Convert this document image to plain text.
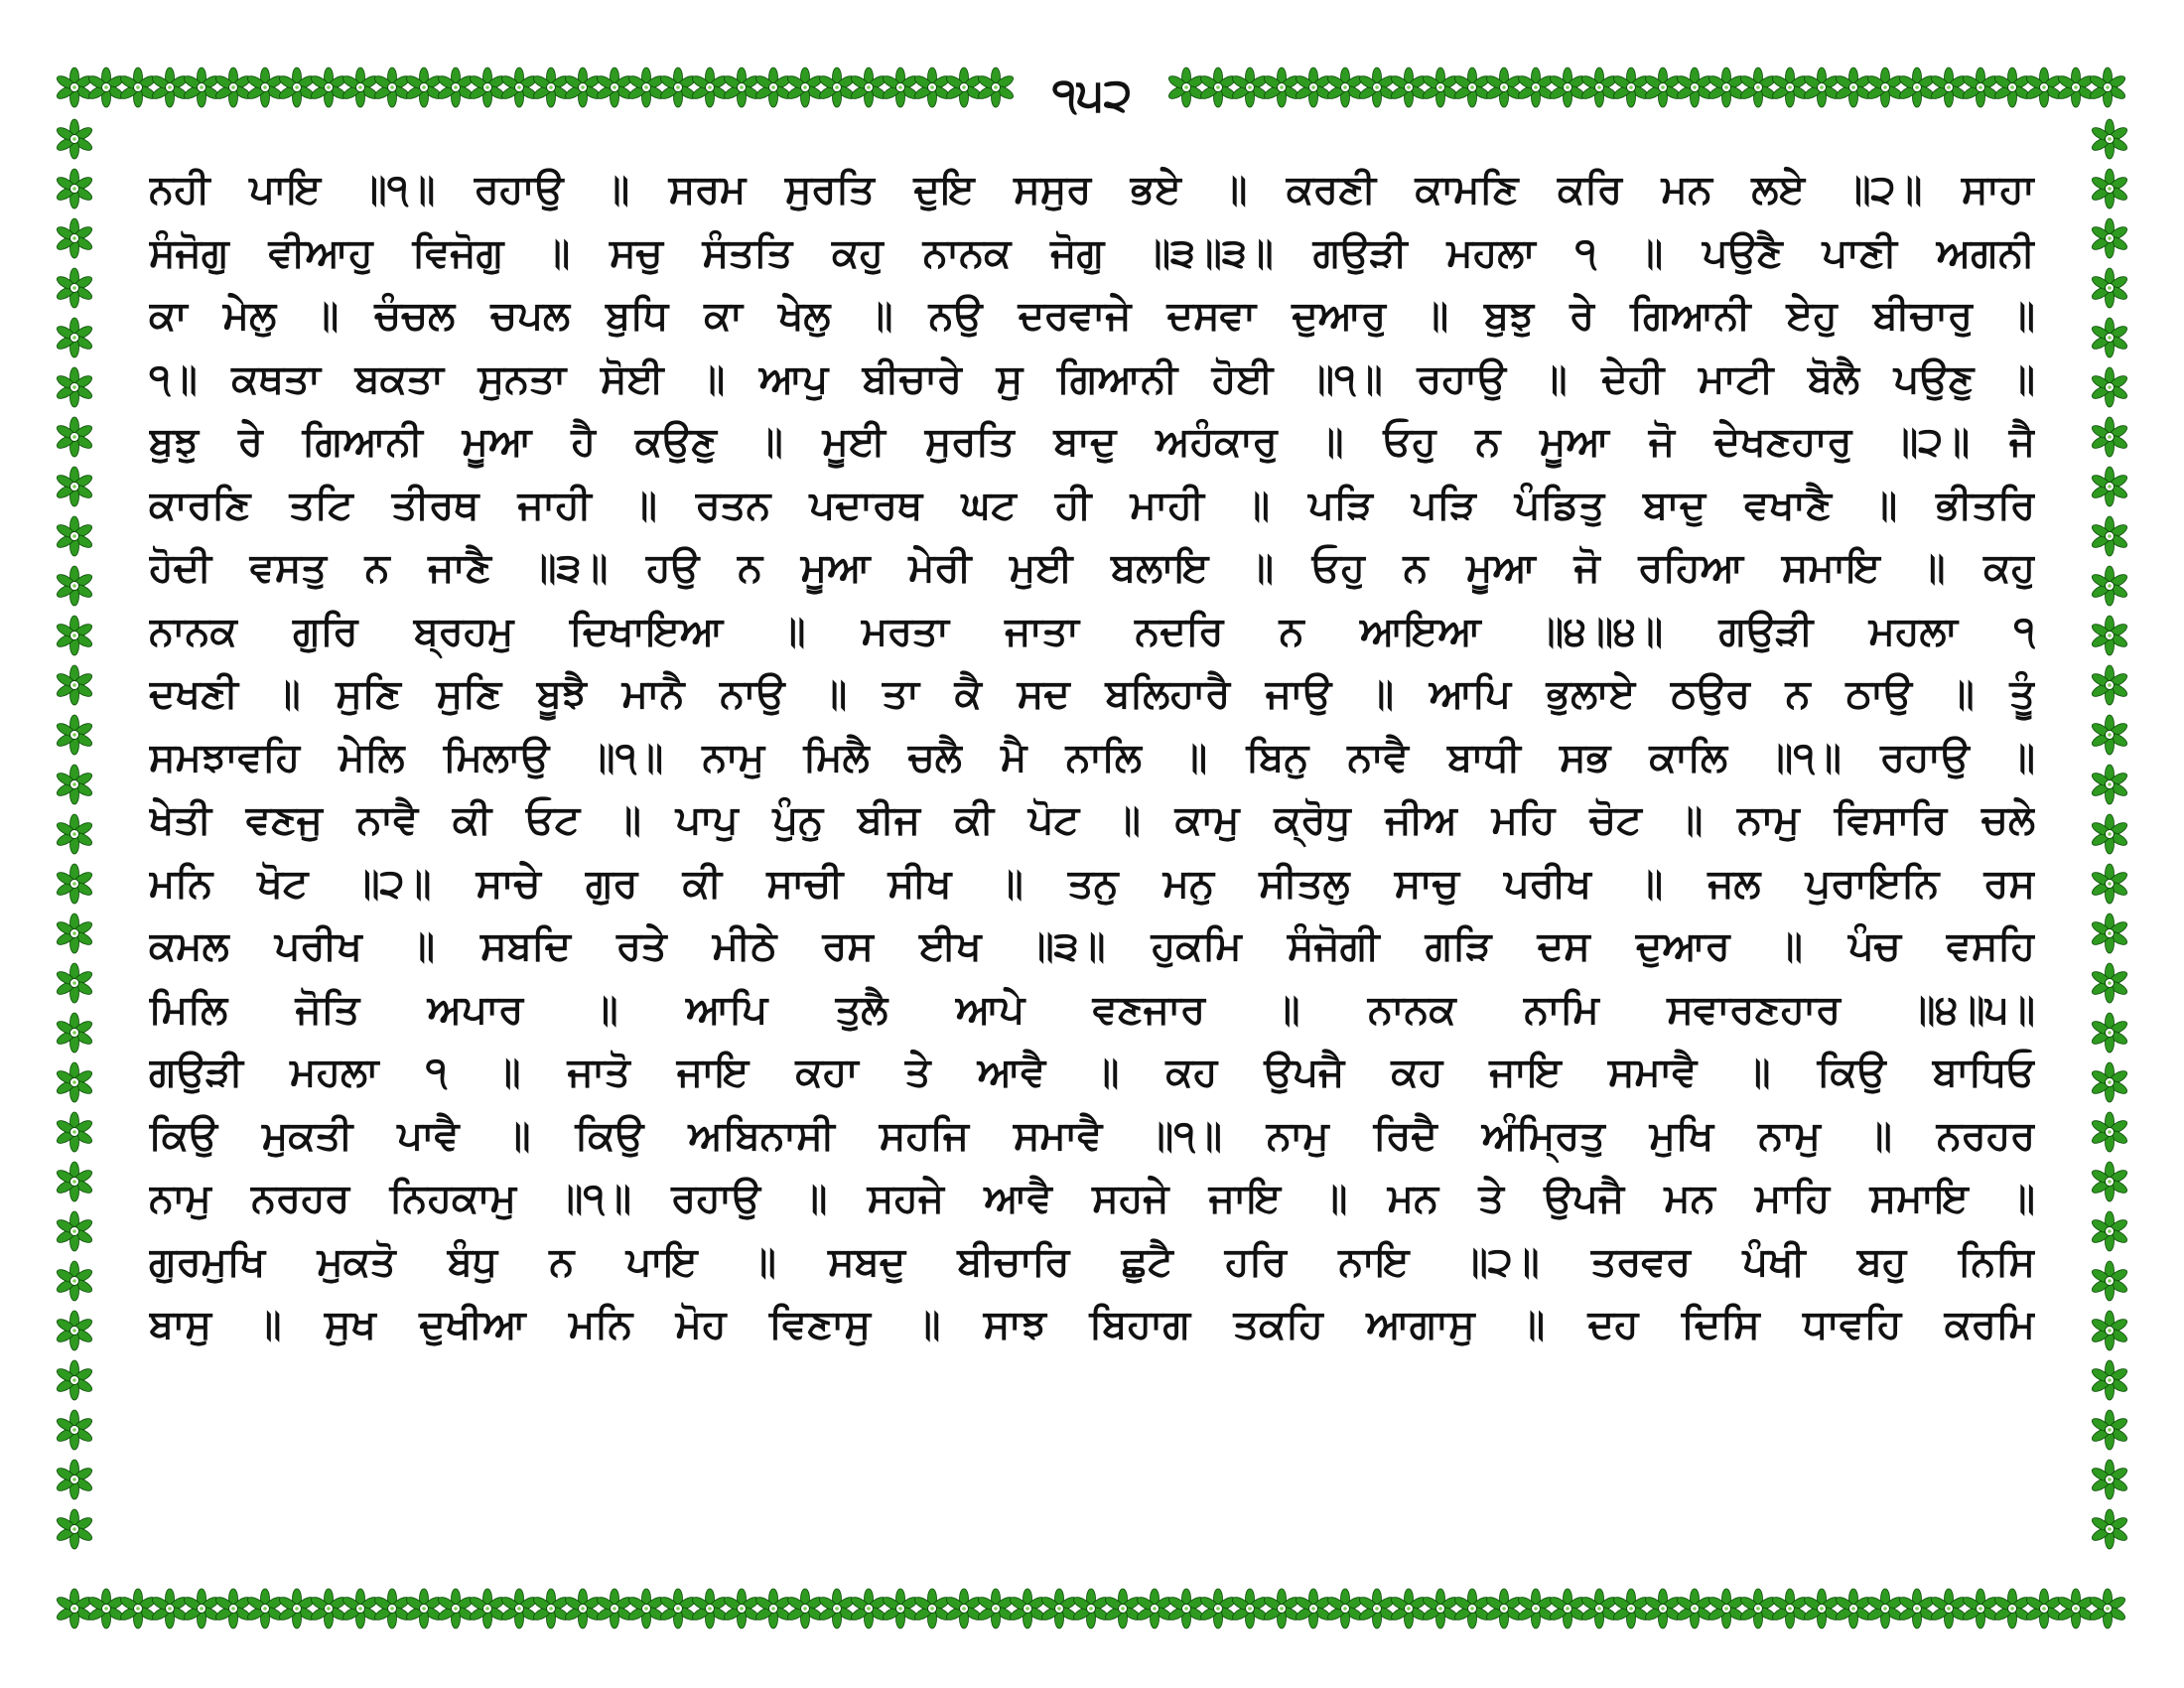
੧੫੨
ਨਹੀ ਪਾਇ ॥੧॥ ਰਹਾਉ ॥ ਸਰਮ ਸੁਰਤਿ ਦੁਇ ਸਸੁਰ ਭਏ ॥ ਕਰਣੀ ਕਾਮਣਿ ਕਰਿ ਮਨ ਲਏ ॥੨॥ ਸਾਹਾ
ਸੰਜੋਗੁ ਵੀਆਹੁ ਵਿਜੋਗੁ ॥ ਸਚੁ ਸੰਤਤਿ ਕਹੁ ਨਾਨਕ ਜੋਗੁ ॥੩॥੩॥ ਗਉੜੀ ਮਹਲਾ ੧ ॥ ਪਉਣੈ ਪਾਣੀ ਅਗਨੀ
ਕਾ ਮੇਲੁ ॥ ਚੰਚਲ ਚਪਲ ਬੁਧਿ ਕਾ ਖੇਲੁ ॥ ਨਉ ਦਰਵਾਜੇ ਦਸਵਾ ਦੁਆਰੁ ॥ ਬੁਝੁ ਰੇ ਗਿਆਨੀ ਏਹੁ ਬੀਚਾਰੁ ॥
੧॥ ਕਥਤਾ ਬਕਤਾ ਸੁਨਤਾ ਸੋਈ ॥ ਆਪੁ ਬੀਚਾਰੇ ਸੁ ਗਿਆਨੀ ਹੋਈ ॥੧॥ ਰਹਾਉ ॥ ਦੇਹੀ ਮਾਟੀ ਬੋਲੈ ਪਉਣੁ ॥
ਬੁਝੁ ਰੇ ਗਿਆਨੀ ਮੂਆ ਹੈ ਕਉਣੁ ॥ ਮੂਈ ਸੁਰਤਿ ਬਾਦੁ ਅਹੰਕਾਰੁ ॥ ਓਹੁ ਨ ਮੂਆ ਜੋ ਦੇਖਣਹਾਰੁ ॥੨॥ ਜੈ
ਕਾਰਣਿ ਤਟਿ ਤੀਰਥ ਜਾਹੀ ॥ ਰਤਨ ਪਦਾਰਥ ਘਟ ਹੀ ਮਾਹੀ ॥ ਪੜਿ ਪੜਿ ਪੰਡਿਤੁ ਬਾਦੁ ਵਖਾਣੈ ॥ ਭੀਤਰਿ
ਹੋਦੀ ਵਸਤੁ ਨ ਜਾਣੈ ॥੩॥ ਹਉ ਨ ਮੂਆ ਮੇਰੀ ਮੁਈ ਬਲਾਇ ॥ ਓਹੁ ਨ ਮੂਆ ਜੋ ਰਹਿਆ ਸਮਾਇ ॥ ਕਹੁ
ਨਾਨਕ ਗੁਰਿ ਬ੍ਰਹਮੁ ਦਿਖਾਇਆ ॥ ਮਰਤਾ ਜਾਤਾ ਨਦਰਿ ਨ ਆਇਆ ॥੪॥੪॥ ਗਉੜੀ ਮਹਲਾ ੧
ਦਖਣੀ ॥ ਸੁਣਿ ਸੁਣਿ ਬੂਝੈ ਮਾਨੈ ਨਾਉ ॥ ਤਾ ਕੈ ਸਦ ਬਲਿਹਾਰੈ ਜਾਉ ॥ ਆਪਿ ਭੁਲਾਏ ਠਉਰ ਨ ਠਾਉ ॥ ਤੂੰ
ਸਮਝਾਵਹਿ ਮੇਲਿ ਮਿਲਾਉ ॥੧॥ ਨਾਮੁ ਮਿਲੈ ਚਲੈ ਮੈ ਨਾਲਿ ॥ ਬਿਨੁ ਨਾਵੈ ਬਾਧੀ ਸਭ ਕਾਲਿ ॥੧॥ ਰਹਾਉ ॥
ਖੇਤੀ ਵਣਜੁ ਨਾਵੈ ਕੀ ਓਟ ॥ ਪਾਪੁ ਪੁੰਨੁ ਬੀਜ ਕੀ ਪੋਟ ॥ ਕਾਮੁ ਕ੍ਰੋਧੁ ਜੀਅ ਮਹਿ ਚੋਟ ॥ ਨਾਮੁ ਵਿਸਾਰਿ ਚਲੇ
ਮਨਿ ਖੋਟ ॥੨॥ ਸਾਚੇ ਗੁਰ ਕੀ ਸਾਚੀ ਸੀਖ ॥ ਤਨੁ ਮਨੁ ਸੀਤਲੁ ਸਾਚੁ ਪਰੀਖ ॥ ਜਲ ਪੁਰਾਇਨਿ ਰਸ
ਕਮਲ ਪਰੀਖ ॥ ਸਬਦਿ ਰਤੇ ਮੀਠੇ ਰਸ ਈਖ ॥੩॥ ਹੁਕਮਿ ਸੰਜੋਗੀ ਗੜਿ ਦਸ ਦੁਆਰ ॥ ਪੰਚ ਵਸਹਿ
ਮਿਲਿ ਜੋਤਿ ਅਪਾਰ ॥ ਆਪਿ ਤੁਲੈ ਆਪੇ ਵਣਜਾਰ ॥ ਨਾਨਕ ਨਾਮਿ ਸਵਾਰਣਹਾਰ ॥੪॥੫॥
ਗਉੜੀ ਮਹਲਾ ੧ ॥ ਜਾਤੋ ਜਾਇ ਕਹਾ ਤੇ ਆਵੈ ॥ ਕਹ ਉਪਜੈ ਕਹ ਜਾਇ ਸਮਾਵੈ ॥ ਕਿਉ ਬਾਧਿਓ
ਕਿਉ ਮੁਕਤੀ ਪਾਵੈ ॥ ਕਿਉ ਅਬਿਨਾਸੀ ਸਹਜਿ ਸਮਾਵੈ ॥੧॥ ਨਾਮੁ ਰਿਦੈ ਅੰਮ੍ਰਿਤੁ ਮੁਖਿ ਨਾਮੁ ॥ ਨਰਹਰ
ਨਾਮੁ ਨਰਹਰ ਨਿਹਕਾਮੁ ॥੧॥ ਰਹਾਉ ॥ ਸਹਜੇ ਆਵੈ ਸਹਜੇ ਜਾਇ ॥ ਮਨ ਤੇ ਉਪਜੈ ਮਨ ਮਾਹਿ ਸਮਾਇ ॥
ਗੁਰਮੁਖਿ ਮੁਕਤੋ ਬੰਧੁ ਨ ਪਾਇ ॥ ਸਬਦੁ ਬੀਚਾਰਿ ਛੁਟੈ ਹਰਿ ਨਾਇ ॥੨॥ ਤਰਵਰ ਪੰਖੀ ਬਹੁ ਨਿਸਿ
ਬਾਸੁ ॥ ਸੁਖ ਦੁਖੀਆ ਮਨਿ ਮੋਹ ਵਿਣਾਸੁ ॥ ਸਾਝ ਬਿਹਾਗ ਤਕਹਿ ਆਗਾਸੁ ॥ ਦਹ ਦਿਸਿ ਧਾਵਹਿ ਕਰਮਿ
